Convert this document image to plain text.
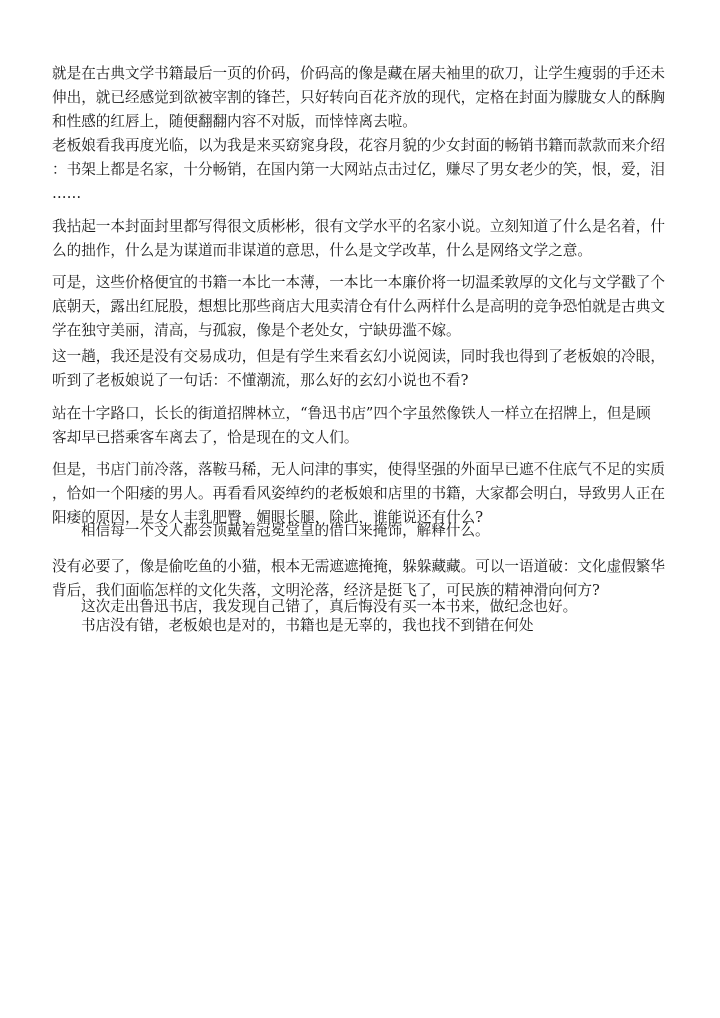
就是在古典文学书籍最后一页的价码，价码高的像是藏在屠夫袖里的砍刀，让学生瘦弱的手还未
伸出，就已经感觉到欲被宰割的锋芒，只好转向百花齐放的现代，定格在封面为朦胧女人的酥胸
和性感的红唇上，随便翻翻内容不对版，而悻悻离去啦。

老板娘看我再度光临，以为我是来买窈窕身段，花容月貌的少女封面的畅销书籍而款款而来介绍
：书架上都是名家，十分畅销，在国内第一大网站点击过亿，赚尽了男女老少的笑，恨，爱，泪
……

我拈起一本封面封里都写得很文质彬彬，很有文学水平的名家小说。立刻知道了什么是名着，什
么的拙作，什么是为谋道而非谋道的意思，什么是文学改革，什么是网络文学之意。

可是，这些价格便宜的书籍一本比一本薄，一本比一本廉价将一切温柔敦厚的文化与文学戳了个
底朝天，露出红屁股，想想比那些商店大甩卖清仓有什么两样什么是高明的竞争恐怕就是古典文
学在独守美丽，清高，与孤寂，像是个老处女，宁缺毋滥不嫁。

这一趟，我还是没有交易成功，但是有学生来看玄幻小说阅读，同时我也得到了老板娘的冷眼，
听到了老板娘说了一句话：不懂潮流，那么好的玄幻小说也不看?

站在十字路口，长长的街道招牌林立，“鲁迅书店”四个字虽然像铁人一样立在招牌上，但是顾
客却早已搭乘客车离去了，恰是现在的文人们。

但是，书店门前冷落，落鞍马稀，无人问津的事实，使得坚强的外面早已遮不住底气不足的实质
，恰如一个阳痿的男人。再看看风姿绰约的老板娘和店里的书籍，大家都会明白，导致男人正在
阳痿的原因，是女人丰乳肥臀，媚眼长腿，除此，谁能说还有什么?

相信每一个文人都会顶戴着冠冕堂皇的借口来掩饰，解释什么。

没有必要了，像是偷吃鱼的小猫，根本无需遮遮掩掩，躲躲藏藏。可以一语道破：文化虚假繁华
背后，我们面临怎样的文化失落，文明沦落，经济是挺飞了，可民族的精神滑向何方?

这次走出鲁迅书店，我发现自己错了，真后悔没有买一本书来，做纪念也好。

书店没有错，老板娘也是对的，书籍也是无辜的，我也找不到错在何处
